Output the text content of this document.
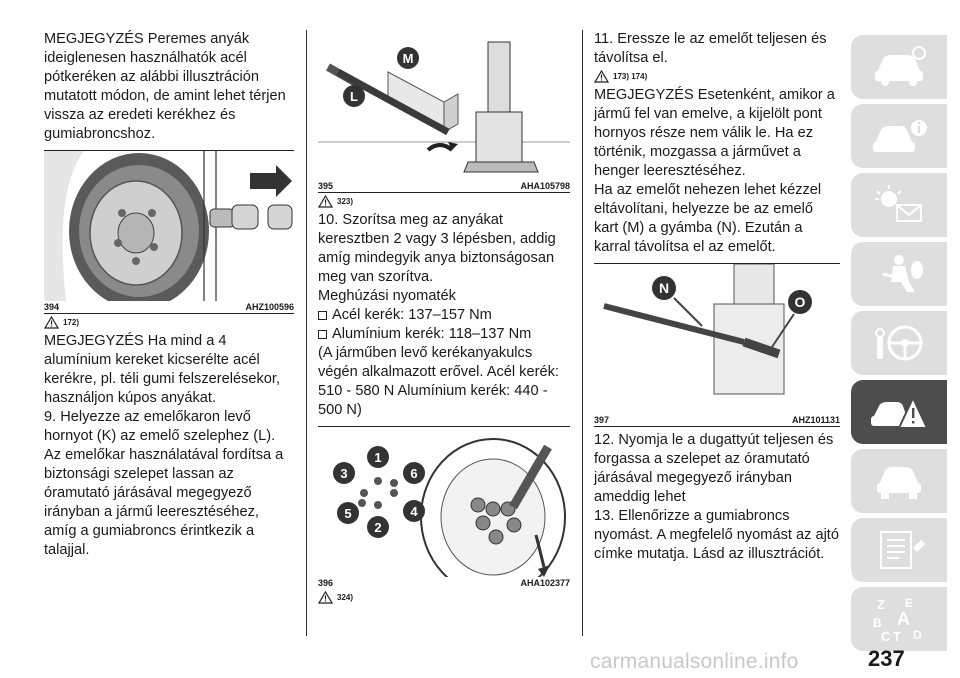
MEGJEGYZÉS Peremes anyák ideiglenesen használhatók acél pótkeréken az alábbi illusztráción mutatott módon, de amint lehet térjen vissza az eredeti kerékhez és gumiabroncshoz.

394	AHZ100596
172)

MEGJEGYZÉS Ha mind a 4 alumínium kereket kicserélte acél kerékre, pl. téli gumi felszerelésekor, használjon kúpos anyákat.

9. Helyezze az emelőkaron levő hornyot (K) az emelő szelephez (L). Az emelőkar használatával fordítsa a biztonsági szelepet lassan az óramutató járásával megegyező irányban a jármű leeresztéséhez, amíg a gumiabroncs érintkezik a talajjal.

M
L
395	AHA105798
323)

10. Szorítsa meg az anyákat keresztben 2 vagy 3 lépésben, addig amíg mindegyik anya biztonságosan meg van szorítva.

Meghúzási nyomaték

Acél kerék: 137–157 Nm
Alumínium kerék: 118–137 Nm

(A járműben levő kerékanyakulcs végén alkalmazott erővel. Acél kerék: 510 - 580 N Alumínium kerék: 440 - 500 N)

1
2
3
4
5
6
396	AHA102377
324)

11. Eressze le az emelőt teljesen és távolítsa el.

173) 174)

MEGJEGYZÉS Esetenként, amikor a jármű fel van emelve, a kijelölt pont hornyos része nem válik le. Ha ez történik, mozgassa a járművet a henger leeresztéséhez.

Ha az emelőt nehezen lehet kézzel eltávolítani, helyezze be az emelő kart (M) a gyámba (N). Ezután a karral távolítsa el az emelőt.

N
O
397	AHZ101131

12. Nyomja le a dugattyút teljesen és forgassa a szelepet az óramutató járásával megegyező irányban ameddig lehet

13. Ellenőrizze a gumiabroncs nyomást. A megfelelő nyomást az ajtó címke mutatja. Lásd az illusztrációt.

Z E
B A
C T D
carmanualsonline.info	237
